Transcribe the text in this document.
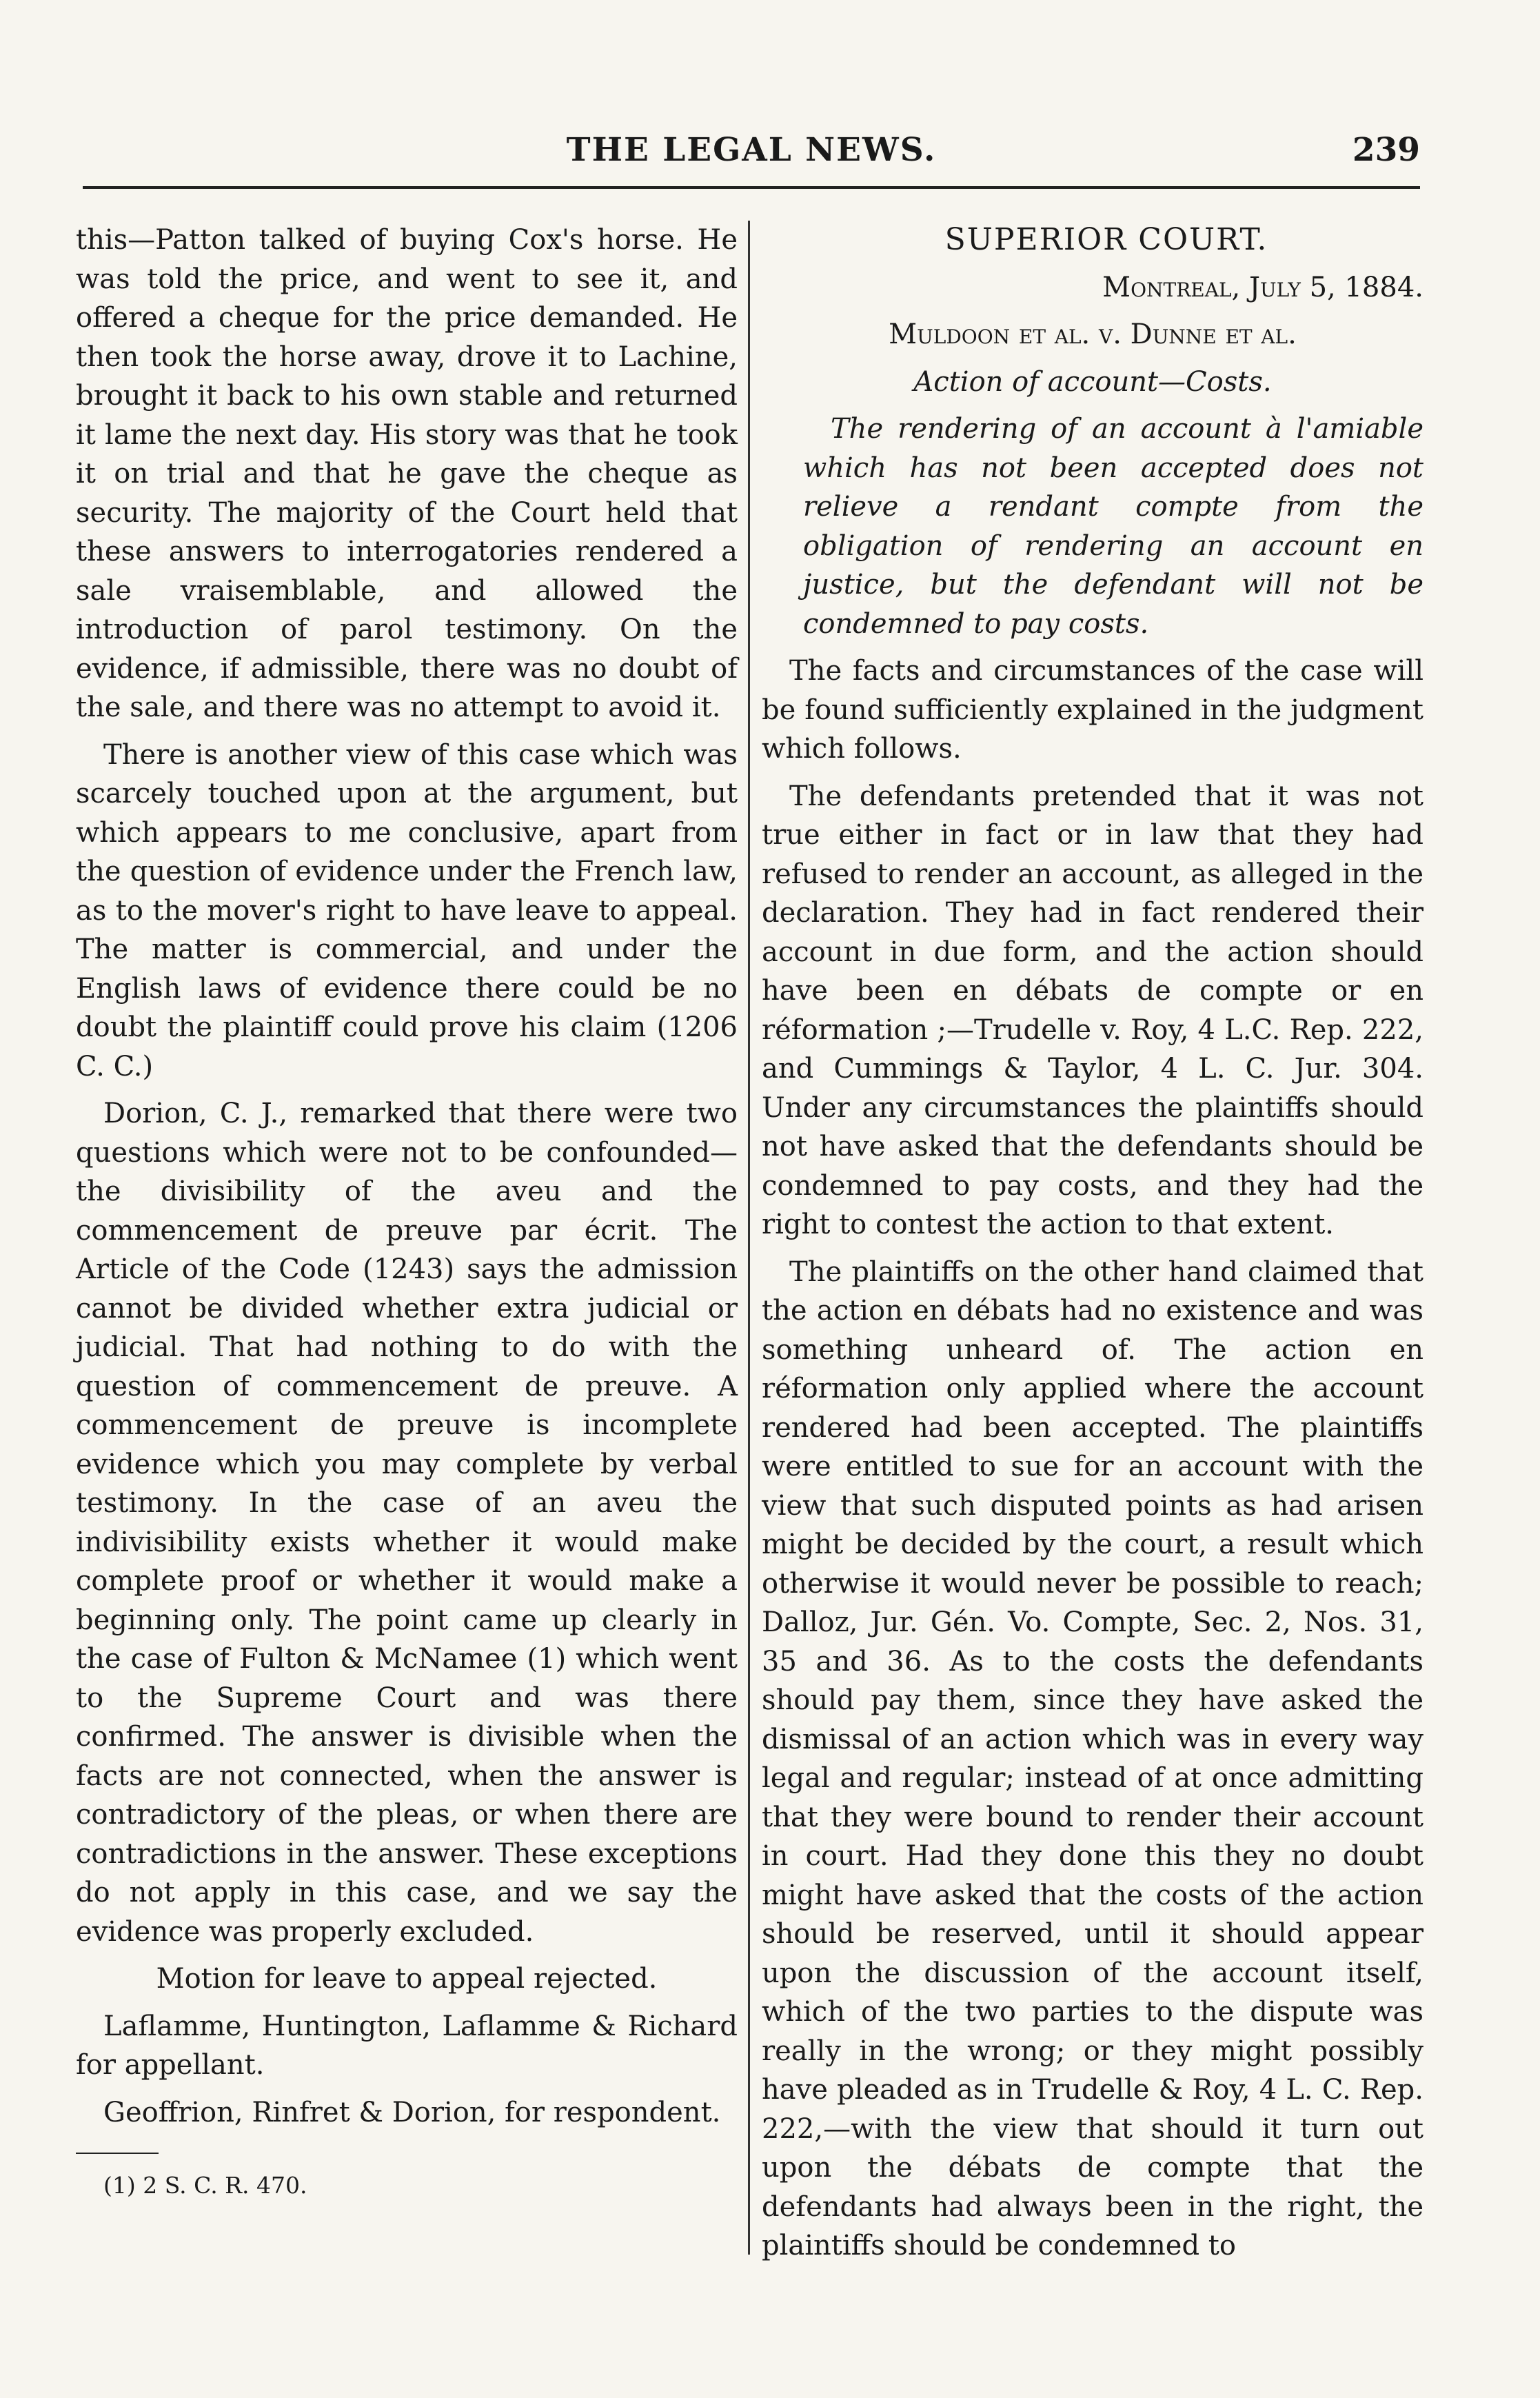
THE LEGAL NEWS.	239

this—Patton talked of buying Cox's horse. He was told the price, and went to see it, and offered a cheque for the price demanded. He then took the horse away, drove it to Lachine, brought it back to his own stable and returned it lame the next day. His story was that he took it on trial and that he gave the cheque as security. The majority of the Court held that these answers to interrogatories rendered a sale vraisemblable, and allowed the introduction of parol testimony. On the evidence, if admissible, there was no doubt of the sale, and there was no attempt to avoid it.

There is another view of this case which was scarcely touched upon at the argument, but which appears to me conclusive, apart from the question of evidence under the French law, as to the mover's right to have leave to appeal. The matter is commercial, and under the English laws of evidence there could be no doubt the plaintiff could prove his claim (1206 C. C.)

Dorion, C. J., remarked that there were two questions which were not to be confounded—the divisibility of the aveu and the commencement de preuve par écrit. The Article of the Code (1243) says the admission cannot be divided whether extra judicial or judicial. That had nothing to do with the question of commencement de preuve. A commencement de preuve is incomplete evidence which you may complete by verbal testimony. In the case of an aveu the indivisibility exists whether it would make complete proof or whether it would make a beginning only. The point came up clearly in the case of Fulton & McNamee (1) which went to the Supreme Court and was there confirmed. The answer is divisible when the facts are not connected, when the answer is contradictory of the pleas, or when there are contradictions in the answer. These exceptions do not apply in this case, and we say the evidence was properly excluded.

Motion for leave to appeal rejected.

Laflamme, Huntington, Laflamme & Richard for appellant.

Geoffrion, Rinfret & Dorion, for respondent.

(1) 2 S. C. R. 470.

SUPERIOR COURT.

Montreal, July 5, 1884.

Muldoon et al. v. Dunne et al.

Action of account—Costs.

The rendering of an account à l'amiable which has not been accepted does not relieve a rendant compte from the obligation of rendering an account en justice, but the defendant will not be condemned to pay costs.

The facts and circumstances of the case will be found sufficiently explained in the judgment which follows.

The defendants pretended that it was not true either in fact or in law that they had refused to render an account, as alleged in the declaration. They had in fact rendered their account in due form, and the action should have been en débats de compte or en réformation ;—Trudelle v. Roy, 4 L.C. Rep. 222, and Cummings & Taylor, 4 L. C. Jur. 304. Under any circumstances the plaintiffs should not have asked that the defendants should be condemned to pay costs, and they had the right to contest the action to that extent.

The plaintiffs on the other hand claimed that the action en débats had no existence and was something unheard of. The action en réformation only applied where the account rendered had been accepted. The plaintiffs were entitled to sue for an account with the view that such disputed points as had arisen might be decided by the court, a result which otherwise it would never be possible to reach; Dalloz, Jur. Gén. Vo. Compte, Sec. 2, Nos. 31, 35 and 36. As to the costs the defendants should pay them, since they have asked the dismissal of an action which was in every way legal and regular; instead of at once admitting that they were bound to render their account in court. Had they done this they no doubt might have asked that the costs of the action should be reserved, until it should appear upon the discussion of the account itself, which of the two parties to the dispute was really in the wrong; or they might possibly have pleaded as in Trudelle & Roy, 4 L. C. Rep. 222,—with the view that should it turn out upon the débats de compte that the defendants had always been in the right, the plaintiffs should be condemned to
